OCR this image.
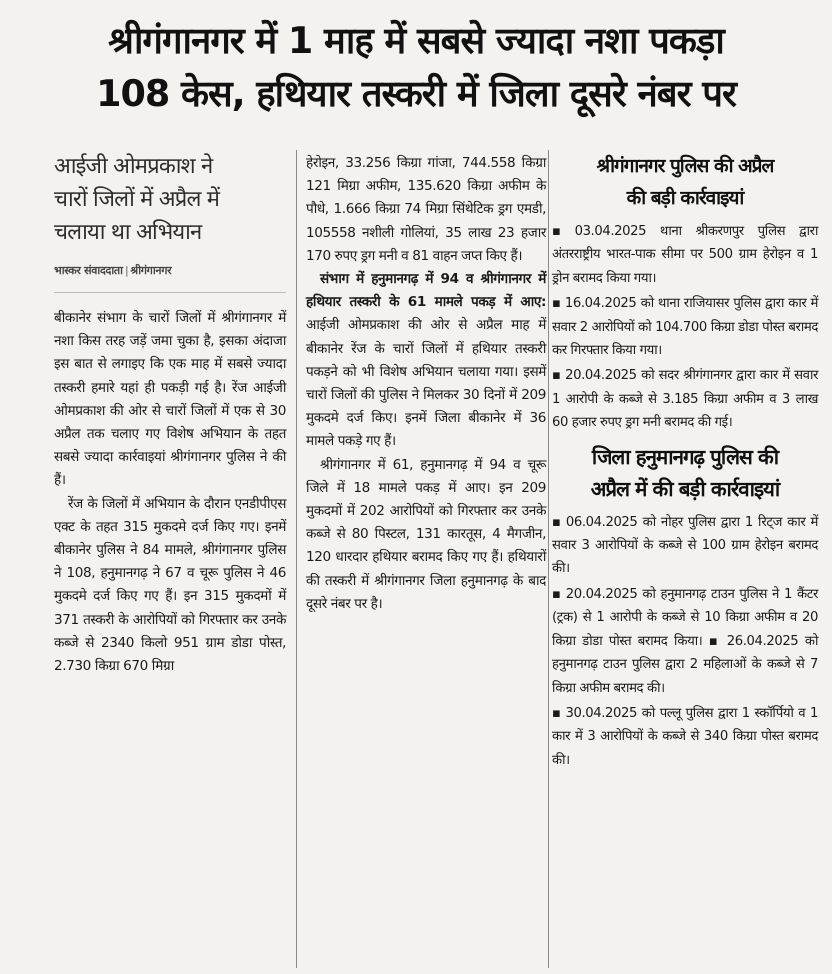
श्रीगंगानगर में 1 माह में सबसे ज्यादा नशा पकड़ा
108 केस, हथियार तस्करी में जिला दूसरे नंबर पर
आईजी ओमप्रकाश ने
चारों जिलों में अप्रैल में
चलाया था अभियान
भास्कर संवाददाता | श्रीगंगानगर

बीकानेर संभाग के चारों जिलों में श्रीगंगानगर में नशा किस तरह जड़ें जमा चुका है, इसका अंदाजा इस बात से लगाइए कि एक माह में सबसे ज्यादा तस्करी हमारे यहां ही पकड़ी गई है। रेंज आईजी ओमप्रकाश की ओर से चारों जिलों में एक से 30 अप्रैल तक चलाए गए विशेष अभियान के तहत सबसे ज्यादा कार्रवाइयां श्रीगंगानगर पुलिस ने की हैं।

रेंज के जिलों में अभियान के दौरान एनडीपीएस एक्ट के तहत 315 मुकदमे दर्ज किए गए। इनमें बीकानेर पुलिस ने 84 मामले, श्रीगंगानगर पुलिस ने 108, हनुमानगढ़ ने 67 व चूरू पुलिस ने 46 मुकदमे दर्ज किए गए हैं। इन 315 मुकदमों में 371 तस्करी के आरोपियों को गिरफ्तार कर उनके कब्जे से 2340 किलो 951 ग्राम डोडा पोस्त, 2.730 किग्रा 670 मिग्रा

हेरोइन, 33.256 किग्रा गांजा, 744.558 किग्रा 121 मिग्रा अफीम, 135.620 किग्रा अफीम के पौधे, 1.666 किग्रा 74 मिग्रा सिंथेटिक ड्रग एमडी, 105558 नशीली गोलियां, 35 लाख 23 हजार 170 रुपए ड्रग मनी व 81 वाहन जप्त किए हैं।

संभाग में हनुमानगढ़ में 94 व श्रीगंगानगर में हथियार तस्करी के 61 मामले पकड़ में आए: आईजी ओमप्रकाश की ओर से अप्रैल माह में बीकानेर रेंज के चारों जिलों में हथियार तस्करी पकड़ने को भी विशेष अभियान चलाया गया। इसमें चारों जिलों की पुलिस ने मिलकर 30 दिनों में 209 मुकदमे दर्ज किए। इनमें जिला बीकानेर में 36 मामले पकड़े गए हैं।

श्रीगंगानगर में 61, हनुमानगढ़ में 94 व चूरू जिले में 18 मामले पकड़ में आए। इन 209 मुकदमों में 202 आरोपियों को गिरफ्तार कर उनके कब्जे से 80 पिस्टल, 131 कारतूस, 4 मैगजीन, 120 धारदार हथियार बरामद किए गए हैं। हथियारों की तस्करी में श्रीगंगानगर जिला हनुमानगढ़ के बाद दूसरे नंबर पर है।

श्रीगंगानगर पुलिस की अप्रैल
की बड़ी कार्रवाइयां
▪ 03.04.2025 थाना श्रीकरणपुर पुलिस द्वारा अंतरराष्ट्रीय भारत-पाक सीमा पर 500 ग्राम हेरोइन व 1 ड्रोन बरामद किया गया।
▪ 16.04.2025 को थाना राजियासर पुलिस द्वारा कार में सवार 2 आरोपियों को 104.700 किग्रा डोडा पोस्त बरामद कर गिरफ्तार किया गया।
▪ 20.04.2025 को सदर श्रीगंगानगर द्वारा कार में सवार 1 आरोपी के कब्जे से 3.185 किग्रा अफीम व 3 लाख 60 हजार रुपए ड्रग मनी बरामद की गई।
जिला हनुमानगढ़ पुलिस की
अप्रैल में की बड़ी कार्रवाइयां
▪ 06.04.2025 को नोहर पुलिस द्वारा 1 रिट्ज कार में सवार 3 आरोपियों के कब्जे से 100 ग्राम हेरोइन बरामद की।
▪ 20.04.2025 को हनुमानगढ़ टाउन पुलिस ने 1 कैंटर (ट्रक) से 1 आरोपी के कब्जे से 10 किग्रा अफीम व 20 किग्रा डोडा पोस्त बरामद किया। ▪ 26.04.2025 को हनुमानगढ़ टाउन पुलिस द्वारा 2 महिलाओं के कब्जे से 7 किग्रा अफीम बरामद की।
▪ 30.04.2025 को पल्लू पुलिस द्वारा 1 स्कॉर्पियो व 1 कार में 3 आरोपियों के कब्जे से 340 किग्रा पोस्त बरामद की।
